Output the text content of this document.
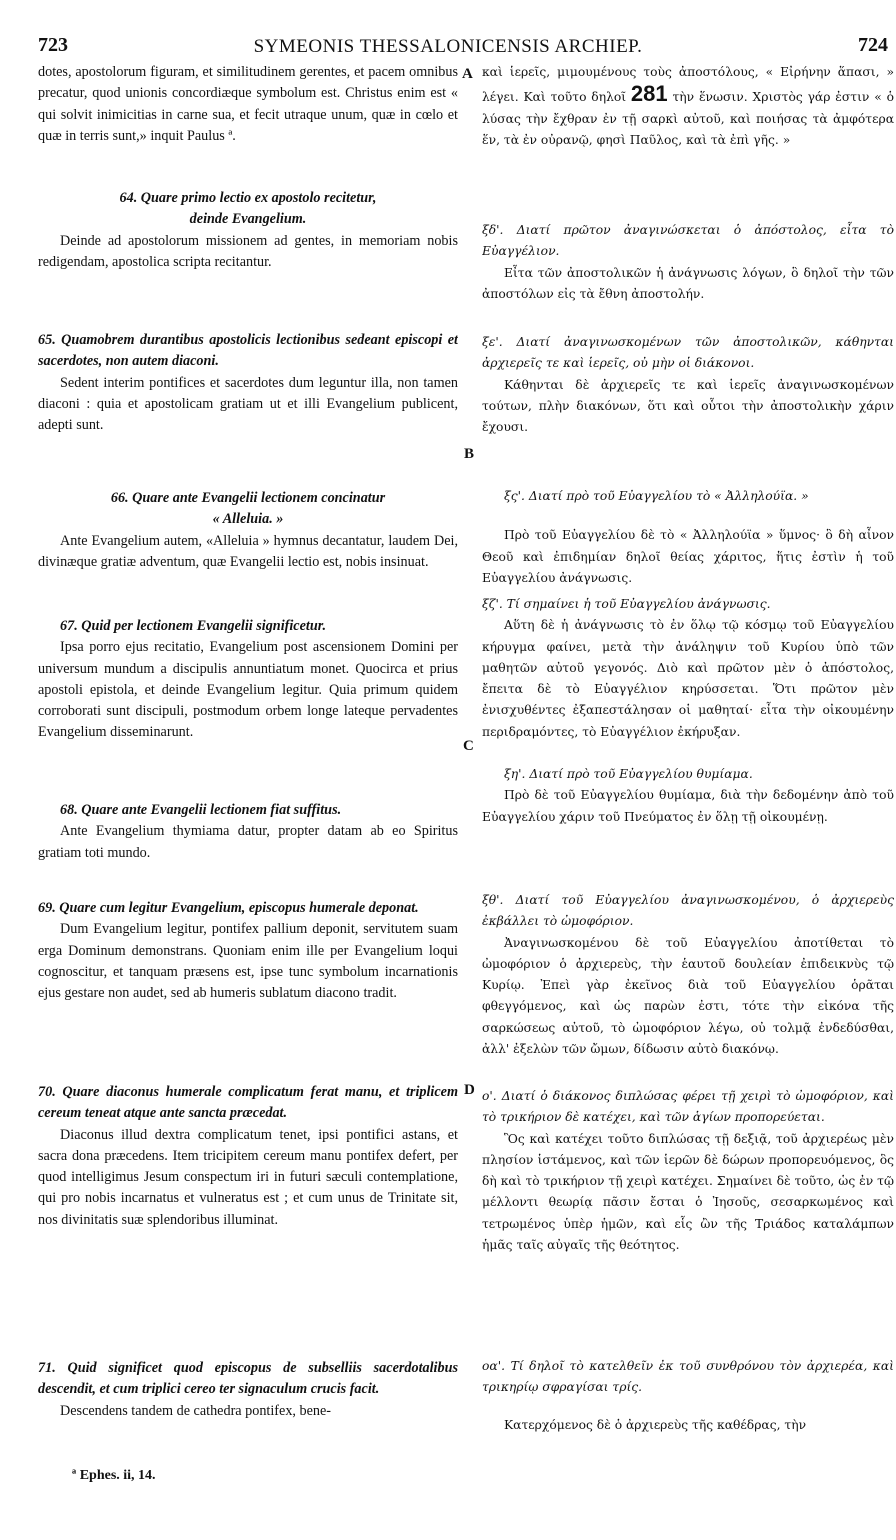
723	SYMEONIS THESSALONICENSIS ARCHIEP.	724
A
B
C
D

dotes, apostolorum figuram, et similitudinem gerentes, et pacem omnibus precatur, quod unionis concordiæque symbolum est. Christus enim est « qui solvit inimicitias in carne sua, et fecit utraque unum, quæ in cœlo et quæ in terris sunt,» inquit Paulus ª.

64. Quare primo lectio ex apostolo recitetur,
deinde Evangelium.

Deinde ad apostolorum missionem ad gentes, in memoriam nobis redigendam, apostolica scripta recitantur.

65. Quamobrem durantibus apostolicis lectionibus sedeant episcopi et sacerdotes, non autem diaconi.

Sedent interim pontifices et sacerdotes dum leguntur illa, non tamen diaconi : quia et apostolicam gratiam ut et illi Evangelium publicent, adepti sunt.

66. Quare ante Evangelii lectionem concinatur
« Alleluia. »

Ante Evangelium autem, «Alleluia » hymnus decantatur, laudem Dei, divinæque gratiæ adventum, quæ Evangelii lectio est, nobis insinuat.

67. Quid per lectionem Evangelii significetur.

Ipsa porro ejus recitatio, Evangelium post ascensionem Domini per universum mundum a discipulis annuntiatum monet. Quocirca et prius apostoli epistola, et deinde Evangelium legitur. Quia primum quidem corroborati sunt discipuli, postmodum orbem longe lateque pervadentes Evangelium disseminarunt.

68. Quare ante Evangelii lectionem fiat suffitus.

Ante Evangelium thymiama datur, propter datam ab eo Spiritus gratiam toti mundo.

69. Quare cum legitur Evangelium, episcopus humerale deponat.

Dum Evangelium legitur, pontifex pallium deponit, servitutem suam erga Dominum demonstrans. Quoniam enim ille per Evangelium loqui cognoscitur, et tanquam præsens est, ipse tunc symbolum incarnationis ejus gestare non audet, sed ab humeris sublatum diacono tradit.

70. Quare diaconus humerale complicatum ferat manu, et triplicem cereum teneat atque ante sancta præcedat.

Diaconus illud dextra complicatum tenet, ipsi pontifici astans, et sacra dona præcedens. Item tricipitem cereum manu pontifex defert, per quod intelligimus Jesum conspectum iri in futuri sæculi contemplatione, qui pro nobis incarnatus et vulneratus est ; et cum unus de Trinitate sit, nos divinitatis suæ splendoribus illuminat.

71. Quid significet quod episcopus de subselliis sacerdotalibus descendit, et cum triplici cereo ter signaculum crucis facit.

Descendens tandem de cathedra pontifex, bene-

καὶ ἱερεῖς, μιμουμένους τοὺς ἀποστόλους, « Εἰρήνην ἅπασι, » λέγει. Καὶ τοῦτο δηλοῖ 281 τὴν ἕνωσιν. Χριστὸς γάρ ἐστιν « ὁ λύσας τὴν ἔχθραν ἐν τῇ σαρκὶ αὐτοῦ, καὶ ποιήσας τὰ ἀμφότερα ἕν, τὰ ἐν οὐρανῷ, φησὶ Παῦλος, καὶ τὰ ἐπὶ γῆς. »

ξδ'. Διατί πρῶτον ἀναγινώσκεται ὁ ἀπόστολος, εἶτα τὸ Εὐαγγέλιον.

Εἶτα τῶν ἀποστολικῶν ἡ ἀνάγνωσις λόγων, ὃ δηλοῖ τὴν τῶν ἀποστόλων εἰς τὰ ἔθνη ἀποστολήν.

ξε'. Διατί ἀναγινωσκομένων τῶν ἀποστολικῶν, κάθηνται ἀρχιερεῖς τε καὶ ἱερεῖς, οὐ μὴν οἱ διάκονοι.

Κάθηνται δὲ ἀρχιερεῖς τε καὶ ἱερεῖς ἀναγινωσκομένων τούτων, πλὴν διακόνων, ὅτι καὶ οὗτοι τὴν ἀποστολικὴν χάριν ἔχουσι.

ξς'. Διατί πρὸ τοῦ Εὐαγγελίου τὸ « Ἀλληλούϊα. »

Πρὸ τοῦ Εὐαγγελίου δὲ τὸ « Ἀλληλούϊα » ὕμνος· ὃ δὴ αἶνον Θεοῦ καὶ ἐπιδημίαν δηλοῖ θείας χάριτος, ἥτις ἐστὶν ἡ τοῦ Εὐαγγελίου ἀνάγνωσις.

ξζ'. Τί σημαίνει ἡ τοῦ Εὐαγγελίου ἀνάγνωσις.

Αὕτη δὲ ἡ ἀνάγνωσις τὸ ἐν ὅλῳ τῷ κόσμῳ τοῦ Εὐαγγελίου κήρυγμα φαίνει, μετὰ τὴν ἀνάληψιν τοῦ Κυρίου ὑπὸ τῶν μαθητῶν αὐτοῦ γεγονός. Διὸ καὶ πρῶτον μὲν ὁ ἀπόστολος, ἔπειτα δὲ τὸ Εὐαγγέλιον κηρύσσεται. Ὅτι πρῶτον μὲν ἐνισχυθέντες ἐξαπεστάλησαν οἱ μαθηταί· εἶτα τὴν οἰκουμένην περιδραμόντες, τὸ Εὐαγγέλιον ἐκήρυξαν.

ξη'. Διατί πρὸ τοῦ Εὐαγγελίου θυμίαμα.

Πρὸ δὲ τοῦ Εὐαγγελίου θυμίαμα, διὰ τὴν δεδομένην ἀπὸ τοῦ Εὐαγγελίου χάριν τοῦ Πνεύματος ἐν ὅλῃ τῇ οἰκουμένῃ.

ξθ'. Διατί τοῦ Εὐαγγελίου ἀναγινωσκομένου, ὁ ἀρχιερεὺς ἐκβάλλει τὸ ὠμοφόριον.

Ἀναγινωσκομένου δὲ τοῦ Εὐαγγελίου ἀποτίθεται τὸ ὠμοφόριον ὁ ἀρχιερεὺς, τὴν ἑαυτοῦ δουλείαν ἐπιδεικνὺς τῷ Κυρίῳ. Ἐπεὶ γὰρ ἐκεῖνος διὰ τοῦ Εὐαγγελίου ὁρᾶται φθεγγόμενος, καὶ ὡς παρὼν ἐστι, τότε τὴν εἰκόνα τῆς σαρκώσεως αὐτοῦ, τὸ ὠμοφόριον λέγω, οὐ τολμᾷ ἐνδεδύσθαι, ἀλλ' ἐξελὼν τῶν ὤμων, δίδωσιν αὐτὸ διακόνῳ.

ο'. Διατί ὁ διάκονος διπλώσας φέρει τῇ χειρὶ τὸ ὠμοφόριον, καὶ τὸ τρικήριον δὲ κατέχει, καὶ τῶν ἁγίων προπορεύεται.

Ὃς καὶ κατέχει τοῦτο διπλώσας τῇ δεξιᾷ, τοῦ ἀρχιερέως μὲν πλησίον ἱστάμενος, καὶ τῶν ἱερῶν δὲ δώρων προπορευόμενος, ὃς δὴ καὶ τὸ τρικήριον τῇ χειρὶ κατέχει. Σημαίνει δὲ τοῦτο, ὡς ἐν τῷ μέλλοντι θεωρίᾳ πᾶσιν ἔσται ὁ Ἰησοῦς, σεσαρκωμένος καὶ τετρωμένος ὑπὲρ ἡμῶν, καὶ εἷς ὢν τῆς Τριάδος καταλάμπων ἡμᾶς ταῖς αὐγαῖς τῆς θεότητος.

οα'. Τί δηλοῖ τὸ κατελθεῖν ἐκ τοῦ συνθρόνου τὸν ἀρχιερέα, καὶ τρικηρίῳ σφραγίσαι τρίς.

Κατερχόμενος δὲ ὁ ἀρχιερεὺς τῆς καθέδρας, τὴν

ª Ephes. ii, 14.
